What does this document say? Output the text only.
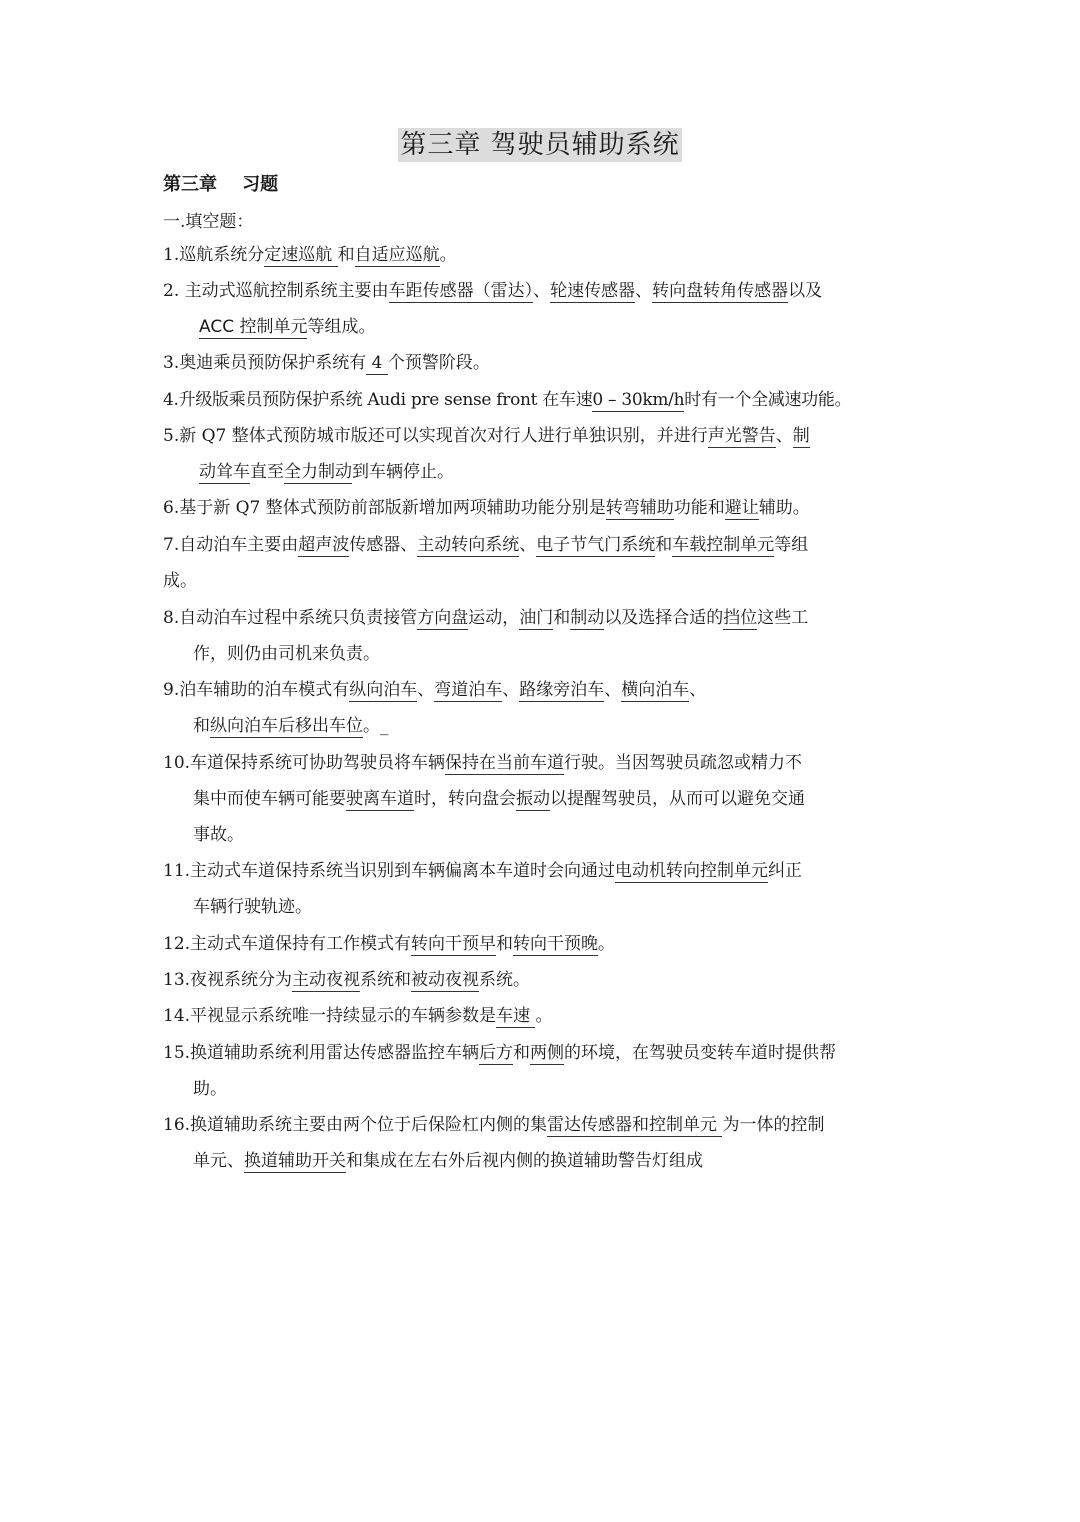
第三章 驾驶员辅助系统
第三章    习题
一.填空题：
1.巡航系统分定速巡航 和自适应巡航。
2. 主动式巡航控制系统主要由车距传感器（雷达）、轮速传感器、转向盘转角传感器以及
ACC 控制单元等组成。
3.奥迪乘员预防保护系统有 4 个预警阶段。
4.升级版乘员预防保护系统 Audi pre sense front 在车速0 – 30km/h时有一个全减速功能。
5.新 Q7 整体式预防城市版还可以实现首次对行人进行单独识别，并进行声光警告、制
动耸车直至全力制动到车辆停止。
6.基于新 Q7 整体式预防前部版新增加两项辅助功能分别是转弯辅助功能和避让辅助。
7.自动泊车主要由超声波传感器、主动转向系统、电子节气门系统和车载控制单元等组
成。
8.自动泊车过程中系统只负责接管方向盘运动，油门和制动以及选择合适的挡位这些工
作，则仍由司机来负责。
9.泊车辅助的泊车模式有纵向泊车、弯道泊车、路缘旁泊车、横向泊车、
和纵向泊车后移出车位。_
10.车道保持系统可协助驾驶员将车辆保持在当前车道行驶。当因驾驶员疏忽或精力不
集中而使车辆可能要驶离车道时，转向盘会振动以提醒驾驶员，从而可以避免交通
事故。
11.主动式车道保持系统当识别到车辆偏离本车道时会向通过电动机转向控制单元纠正
车辆行驶轨迹。
12.主动式车道保持有工作模式有转向干预早和转向干预晚。
13.夜视系统分为主动夜视系统和被动夜视系统。
14.平视显示系统唯一持续显示的车辆参数是车速 。
15.换道辅助系统利用雷达传感器监控车辆后方和两侧的环境，在驾驶员变转车道时提供帮
助。
16.换道辅助系统主要由两个位于后保险杠内侧的集雷达传感器和控制单元 为一体的控制
单元、换道辅助开关和集成在左右外后视内侧的换道辅助警告灯组成
